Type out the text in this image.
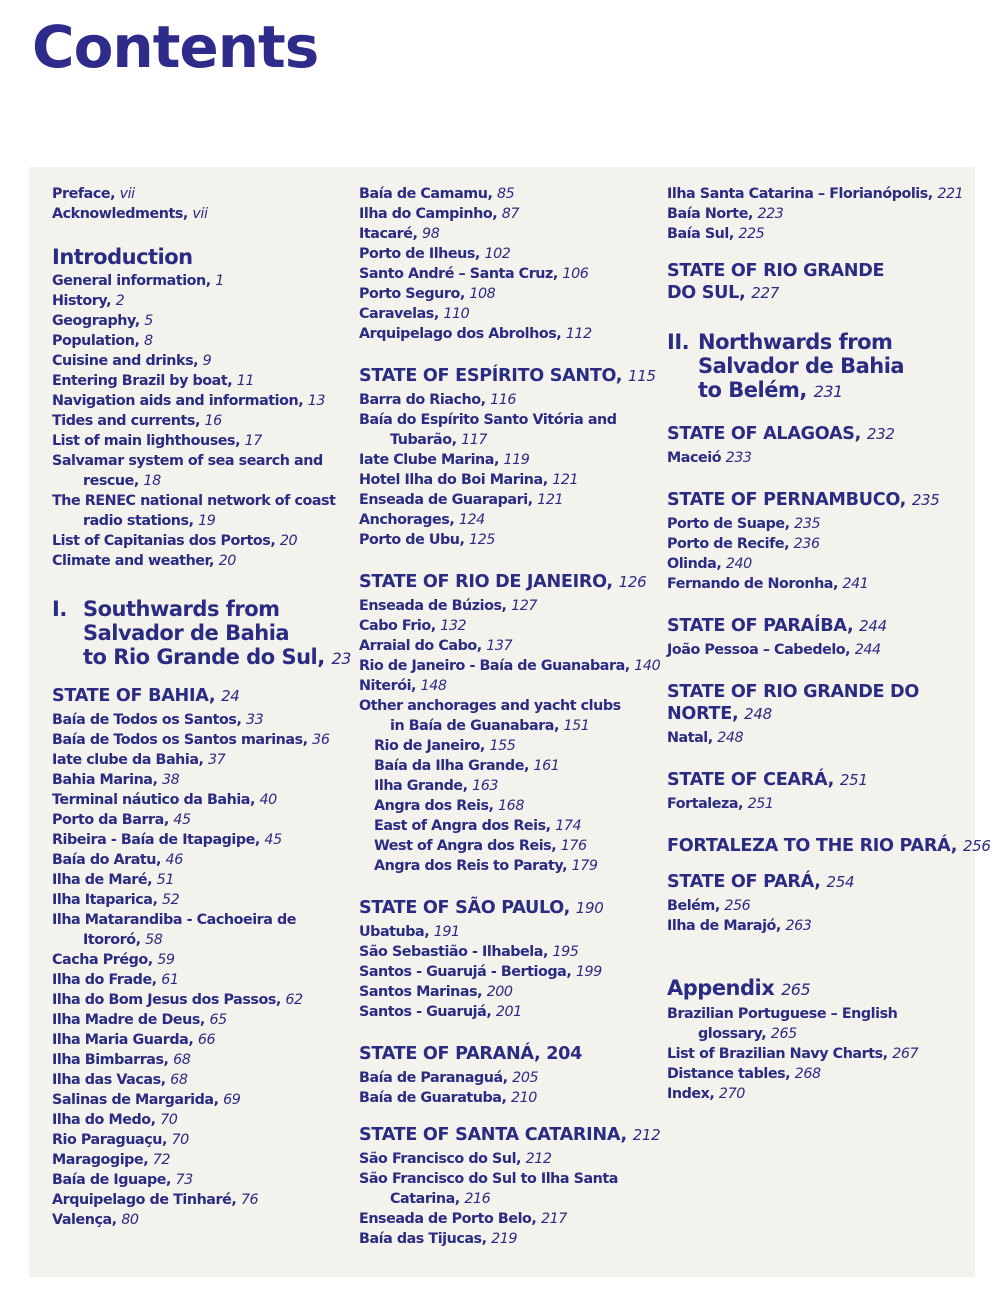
Contents
Preface, vii
Acknowledments, vii
Introduction
General information, 1
History, 2
Geography, 5
Population, 8
Cuisine and drinks, 9
Entering Brazil by boat, 11
Navigation aids and information, 13
Tides and currents, 16
List of main lighthouses, 17
Salvamar system of sea search and
rescue, 18
The RENEC national network of coast
radio stations, 19
List of Capitanias dos Portos, 20
Climate and weather, 20
I. Southwards from
Salvador de Bahia
to Rio Grande do Sul, 23
STATE OF BAHIA, 24
Baía de Todos os Santos, 33
Baía de Todos os Santos marinas, 36
Iate clube da Bahia, 37
Bahia Marina, 38
Terminal náutico da Bahia, 40
Porto da Barra, 45
Ribeira - Baía de Itapagipe, 45
Baía do Aratu, 46
Ilha de Maré, 51
Ilha Itaparica, 52
Ilha Matarandiba - Cachoeira de
Itororó, 58
Cacha Prégo, 59
Ilha do Frade, 61
Ilha do Bom Jesus dos Passos, 62
Ilha Madre de Deus, 65
Ilha Maria Guarda, 66
Ilha Bimbarras, 68
Ilha das Vacas, 68
Salinas de Margarida, 69
Ilha do Medo, 70
Rio Paraguaçu, 70
Maragogipe, 72
Baía de Iguape, 73
Arquipelago de Tinharé, 76
Valença, 80
Baía de Camamu, 85
Ilha do Campinho, 87
Itacaré, 98
Porto de Ilheus, 102
Santo André – Santa Cruz, 106
Porto Seguro, 108
Caravelas, 110
Arquipelago dos Abrolhos, 112
STATE OF ESPÍRITO SANTO, 115
Barra do Riacho, 116
Baía do Espírito Santo Vitória and
Tubarão, 117
Iate Clube Marina, 119
Hotel Ilha do Boi Marina, 121
Enseada de Guarapari, 121
Anchorages, 124
Porto de Ubu, 125
STATE OF RIO DE JANEIRO, 126
Enseada de Búzios, 127
Cabo Frio, 132
Arraial do Cabo, 137
Rio de Janeiro - Baía de Guanabara, 140
Niterói, 148
Other anchorages and yacht clubs
in Baía de Guanabara, 151
Rio de Janeiro, 155
Baía da Ilha Grande, 161
Ilha Grande, 163
Angra dos Reis, 168
East of Angra dos Reis, 174
West of Angra dos Reis, 176
Angra dos Reis to Paraty, 179
STATE OF SÃO PAULO, 190
Ubatuba, 191
São Sebastião - Ilhabela, 195
Santos - Guarujá - Bertioga, 199
Santos Marinas, 200
Santos - Guarujá, 201
STATE OF PARANÁ, 204
Baía de Paranaguá, 205
Baía de Guaratuba, 210
STATE OF SANTA CATARINA, 212
São Francisco do Sul, 212
São Francisco do Sul to Ilha Santa
Catarina, 216
Enseada de Porto Belo, 217
Baía das Tijucas, 219
Ilha Santa Catarina – Florianópolis, 221
Baía Norte, 223
Baía Sul, 225
STATE OF RIO GRANDE
DO SUL, 227
II. Northwards from
Salvador de Bahia
to Belém, 231
STATE OF ALAGOAS, 232
Maceió 233
STATE OF PERNAMBUCO, 235
Porto de Suape, 235
Porto de Recife, 236
Olinda, 240
Fernando de Noronha, 241
STATE OF PARAÍBA, 244
João Pessoa – Cabedelo, 244
STATE OF RIO GRANDE DO
NORTE, 248
Natal, 248
STATE OF CEARÁ, 251
Fortaleza, 251
FORTALEZA TO THE RIO PARÁ, 256
STATE OF PARÁ, 254
Belém, 256
Ilha de Marajó, 263
Appendix 265
Brazilian Portuguese – English
glossary, 265
List of Brazilian Navy Charts, 267
Distance tables, 268
Index, 270
